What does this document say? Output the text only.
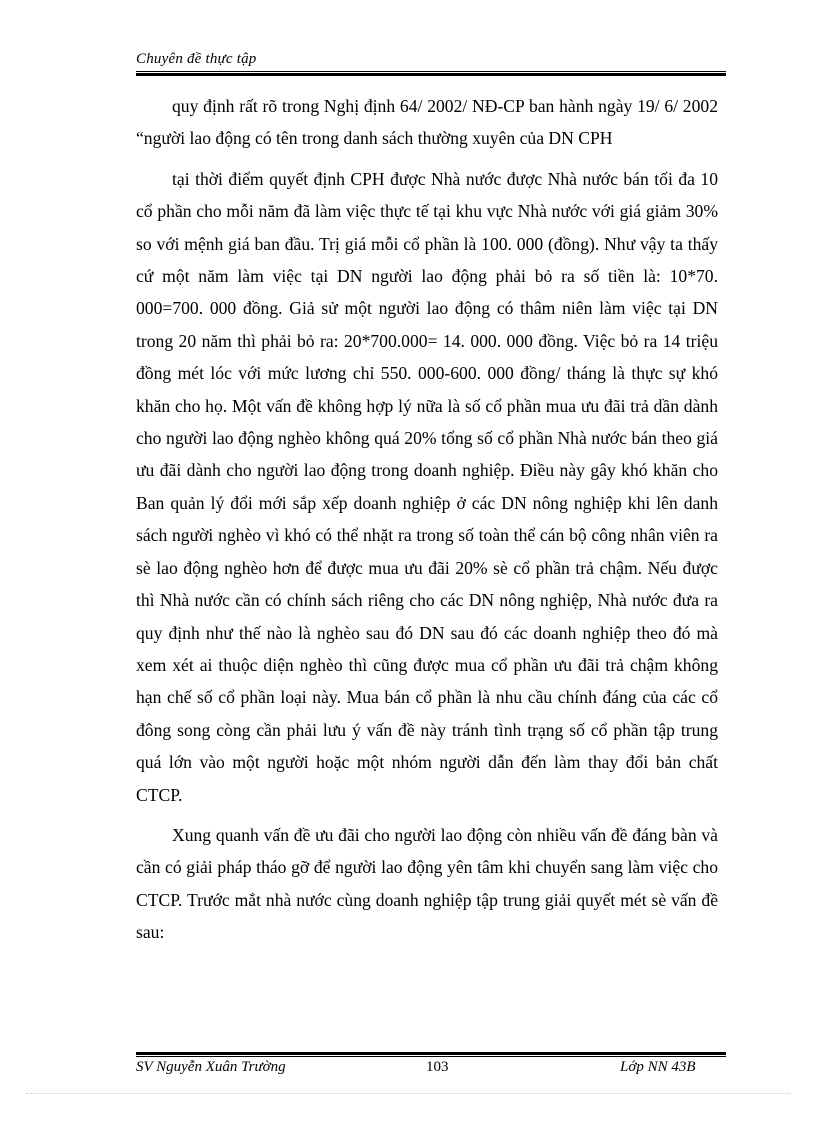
Chuyên đề thực tập

quy định rất rõ trong Nghị định 64/ 2002/ NĐ-CP ban hành ngày 19/ 6/ 2002 “người lao động có tên trong danh sách thường xuyên của DN CPH

tại thời điểm quyết định CPH được Nhà nước được Nhà nước bán tối đa 10 cổ phần cho mỗi năm đã làm việc thực tế tại khu vực Nhà nước với giá giảm 30% so với mệnh giá ban đầu. Trị giá mỗi cổ phần là 100. 000 (đồng). Như vậy ta thấy cứ một năm làm việc tại DN người lao động phải bỏ ra số tiền là: 10*70. 000=700. 000 đồng. Giả sử một người lao động có thâm niên làm việc tại DN trong 20 năm thì phải bỏ ra: 20*700.000= 14. 000. 000 đồng. Việc bỏ ra 14 triệu đồng mét lóc với mức lương chỉ 550. 000-600. 000 đồng/ tháng là thực sự khó khăn cho họ. Một vấn đề không hợp lý nữa là số cổ phần mua ưu đãi trả dần dành cho người lao động nghèo không quá 20% tổng số cổ phần Nhà nước bán theo giá ưu đãi dành cho người lao động trong doanh nghiệp. Điều này gây khó khăn cho Ban quản lý đổi mới sắp xếp doanh nghiệp ở các DN nông nghiệp khi lên danh sách người nghèo vì khó có thể nhặt ra trong số toàn thể cán bộ công nhân viên ra sè lao động nghèo hơn để được mua ưu đãi 20% sè cổ phần trả chậm. Nếu được thì Nhà nước cần có chính sách riêng cho các DN nông nghiệp, Nhà nước đưa ra quy định như thế nào là nghèo sau đó DN sau đó các doanh nghiệp theo đó mà xem xét ai thuộc diện nghèo thì cũng được mua cổ phần ưu đãi trả chậm không hạn chế số cổ phần loại này. Mua bán cổ phần là nhu cầu chính đáng của các cổ đông song còng cần phải lưu ý vấn đề này tránh tình trạng số cổ phần tập trung quá lớn vào một người hoặc một nhóm người dẫn đến làm thay đổi bản chất CTCP.

Xung quanh vấn đề ưu đãi cho người lao động còn nhiều vấn đề đáng bàn và cần có giải pháp tháo gỡ để người lao động yên tâm khi chuyển sang làm việc cho CTCP. Trước mắt nhà nước cùng doanh nghiệp tập trung giải quyết mét sè vấn đề sau:

SV Nguyễn Xuân Trường	103	Lớp NN 43B
